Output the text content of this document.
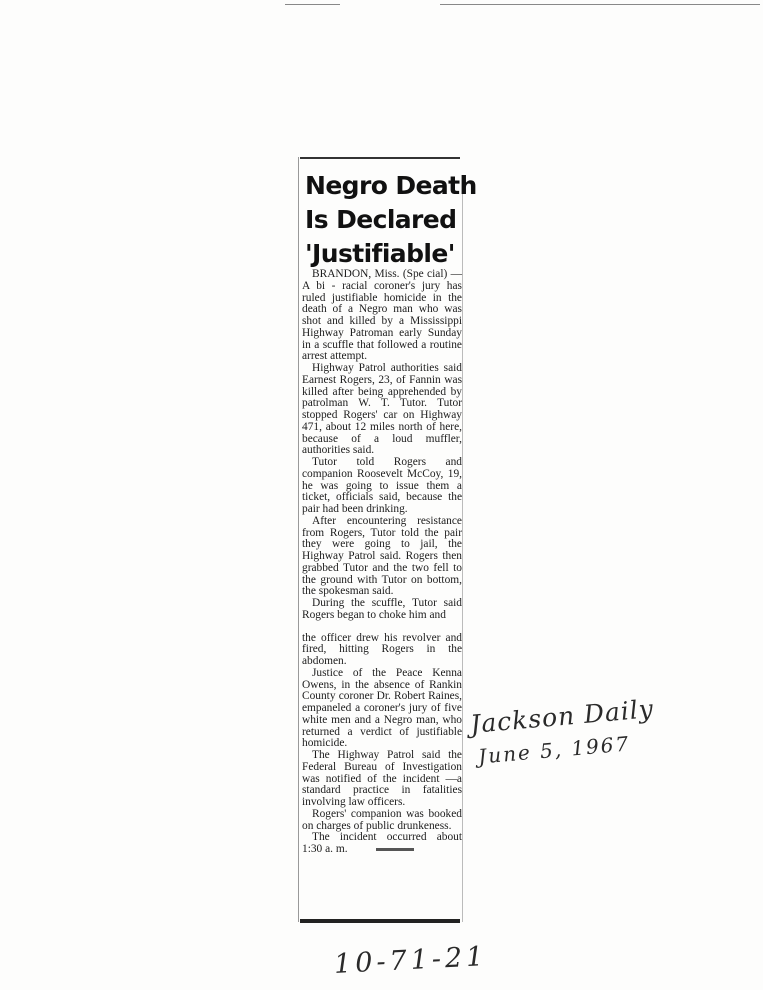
Negro Death
Is Declared
'Justifiable'

BRANDON, Miss. (Spe cial) — A bi - racial coroner's jury has ruled justifiable homicide in the death of a Negro man who was shot and killed by a Mississippi Highway Patroman early Sunday in a scuffle that followed a routine arrest attempt.

Highway Patrol authorities said Earnest Rogers, 23, of Fannin was killed after being apprehended by patrolman W. T. Tutor. Tutor stopped Rogers' car on Highway 471, about 12 miles north of here, because of a loud muffler, authorities said.

Tutor told Rogers and companion Roosevelt McCoy, 19, he was going to issue them a ticket, officials said, because the pair had been drinking.

After encountering resistance from Rogers, Tutor told the pair they were going to jail, the Highway Patrol said. Rogers then grabbed Tutor and the two fell to the ground with Tutor on bottom, the spokesman said.

During the scuffle, Tutor said Rogers began to choke him and

the officer drew his revolver and fired, hitting Rogers in the abdomen.

Justice of the Peace Kenna Owens, in the absence of Rankin County coroner Dr. Robert Raines, empaneled a coroner's jury of five white men and a Negro man, who returned a verdict of justifiable homicide.

The Highway Patrol said the Federal Bureau of Investigation was notified of the incident —a standard practice in fatalities involving law officers.

Rogers' companion was booked on charges of public drunkeness.

The incident occurred about 1:30 a. m.

Jackson Daily
June 5, 1967
10-71-21
